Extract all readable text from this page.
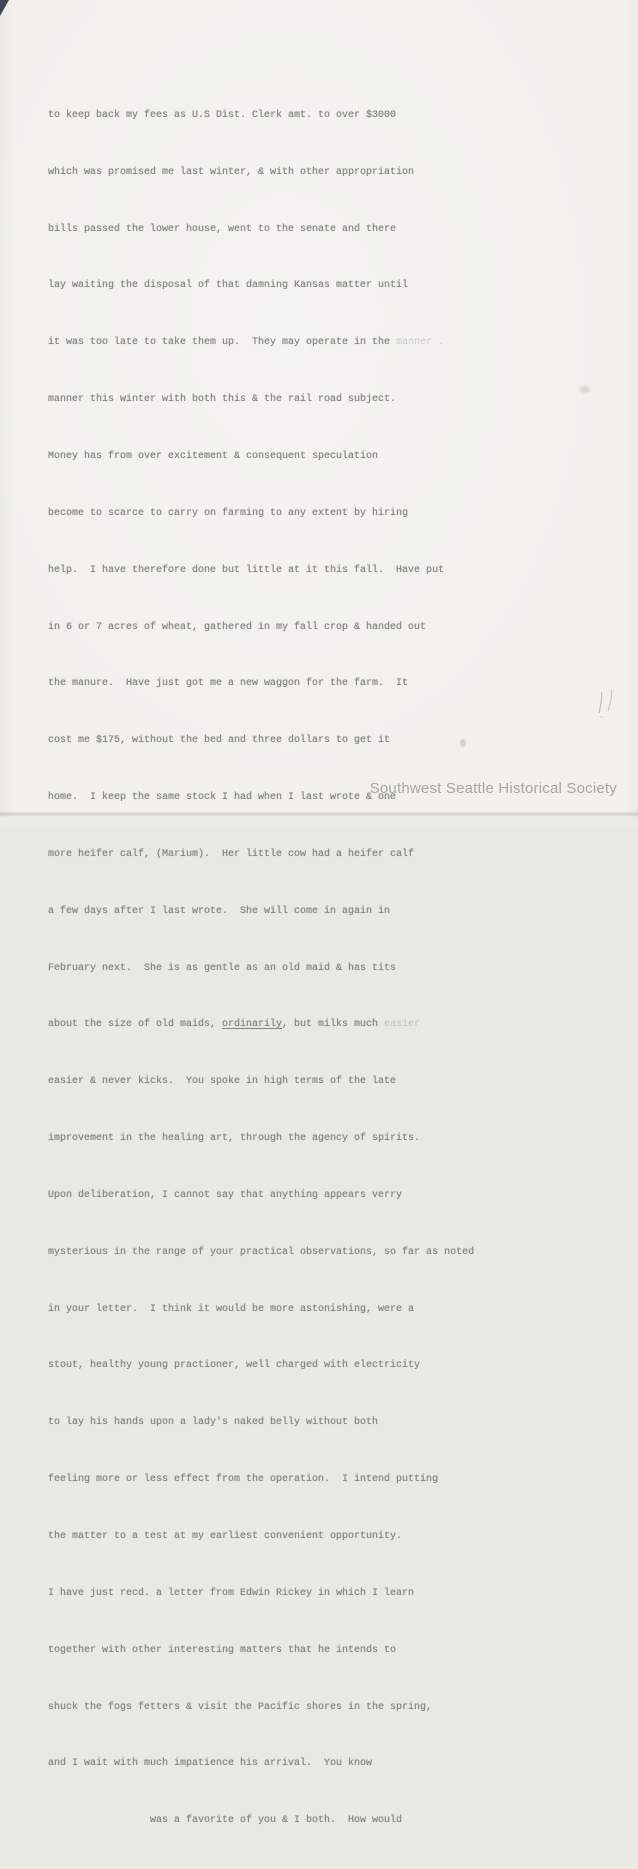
to keep back my fees as U.S Dist. Clerk amt. to over $3000

which was promised me last winter, & with other appropriation

bills passed the lower house, went to the senate and there

lay waiting the disposal of that damning Kansas matter until

it was too late to take them up.  They may operate in the manner .

manner this winter with both this & the rail road subject.

Money has from over excitement & consequent speculation

become to scarce to carry on farming to any extent by hiring

help.  I have therefore done but little at it this fall.  Have put

in 6 or 7 acres of wheat, gathered in my fall crop & handed out

the manure.  Have just got me a new waggon for the farm.  It

cost me $175, without the bed and three dollars to get it

home.  I keep the same stock I had when I last wrote & one

more heifer calf, (Marium).  Her little cow had a heifer calf

a few days after I last wrote.  She will come in again in

February next.  She is as gentle as an old maid & has tits

about the size of old maids, ordinarily, but milks much easier

easier & never kicks.  You spoke in high terms of the late

improvement in the healing art, through the agency of spirits.

Upon deliberation, I cannot say that anything appears verry

mysterious in the range of your practical observations, so far as noted

in your letter.  I think it would be more astonishing, were a

stout, healthy young practioner, well charged with electricity

to lay his hands upon a lady's naked belly without both

feeling more or less effect from the operation.  I intend putting

the matter to a test at my earliest convenient opportunity.

I have just recd. a letter from Edwin Rickey in which I learn

together with other interesting matters that he intends to

shuck the fogs fetters & visit the Pacific shores in the spring,

and I wait with much impatience his arrival.  You know

was a favorite of you & I both.  How would

Southwest Seattle Historical Society
